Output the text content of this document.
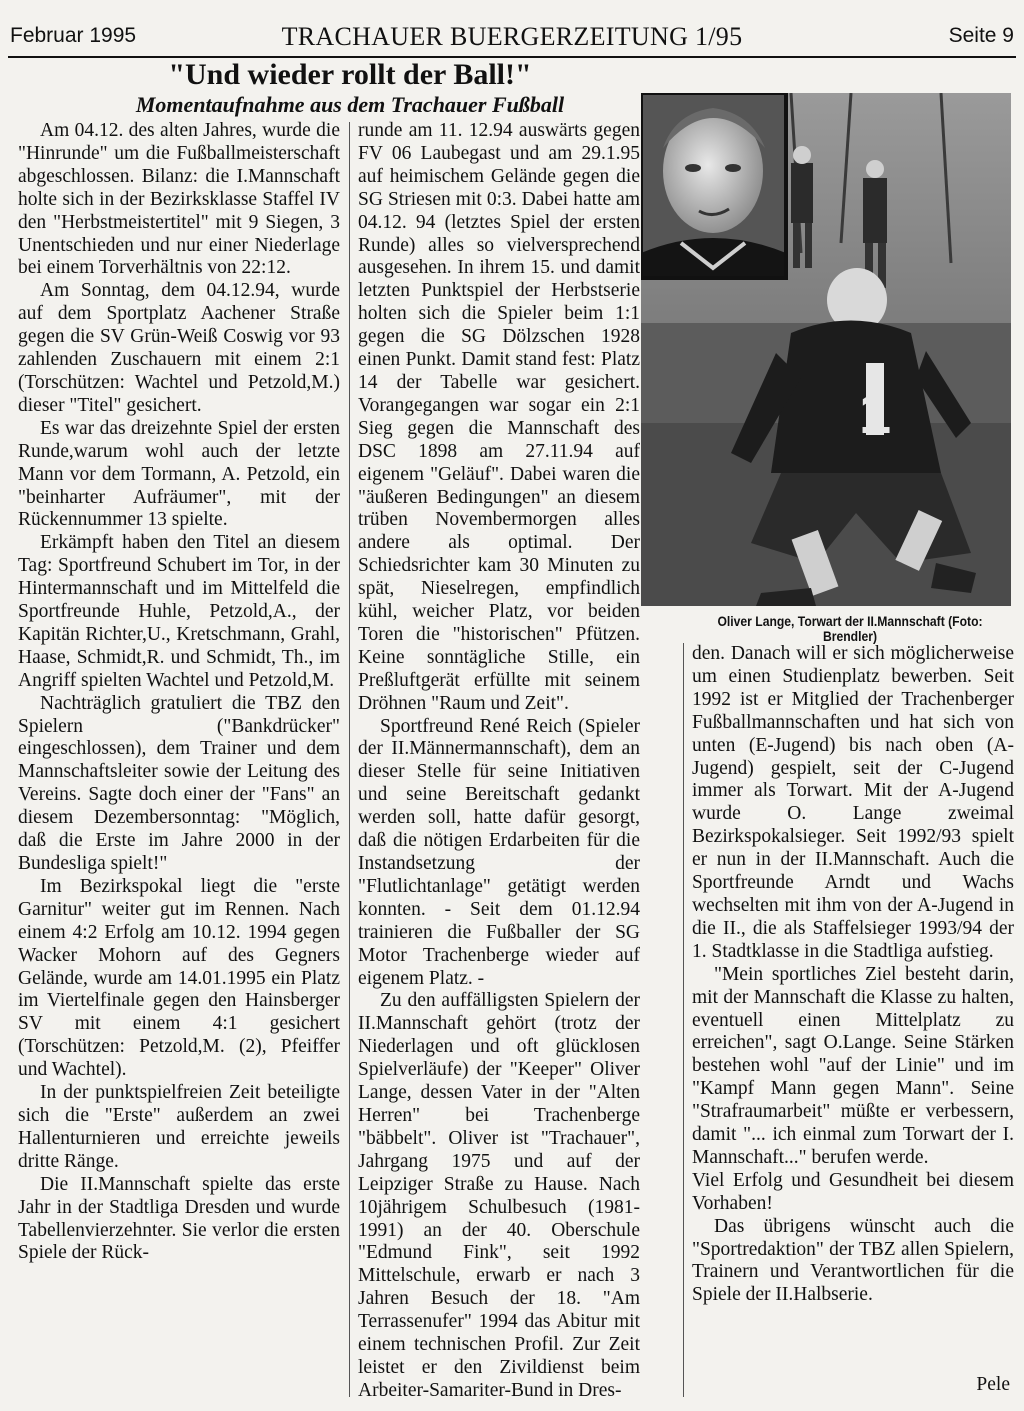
Februar 1995	TRACHAUER BUERGERZEITUNG 1/95	Seite 9
"Und wieder rollt der Ball!"
Momentaufnahme aus dem Trachauer Fußball

Am 04.12. des alten Jahres, wurde die "Hinrunde" um die Fußballmeisterschaft abgeschlossen. Bilanz: die I.Mannschaft holte sich in der Bezirksklasse Staffel IV den "Herbstmeistertitel" mit 9 Siegen, 3 Unentschieden und nur einer Niederlage bei einem Torverhältnis von 22:12.

Am Sonntag, dem 04.12.94, wurde auf dem Sportplatz Aachener Straße gegen die SV Grün-Weiß Coswig vor 93 zahlenden Zuschauern mit einem 2:1 (Torschützen: Wachtel und Petzold,M.) dieser "Titel" gesichert.

Es war das dreizehnte Spiel der ersten Runde,warum wohl auch der letzte Mann vor dem Tormann, A. Petzold, ein "beinharter Aufräumer", mit der Rückennummer 13 spielte.

Erkämpft haben den Titel an diesem Tag: Sportfreund Schubert im Tor, in der Hintermannschaft und im Mittelfeld die Sportfreunde Huhle, Petzold,A., der Kapitän Richter,U., Kretschmann, Grahl, Haase, Schmidt,R. und Schmidt, Th., im Angriff spielten Wachtel und Petzold,M.

Nachträglich gratuliert die TBZ den Spielern ("Bankdrücker" eingeschlossen), dem Trainer und dem Mannschaftsleiter sowie der Leitung des Vereins. Sagte doch einer der "Fans" an diesem Dezembersonntag: "Möglich, daß die Erste im Jahre 2000 in der Bundesliga spielt!"

Im Bezirkspokal liegt die "erste Garnitur" weiter gut im Rennen. Nach einem 4:2 Erfolg am 10.12. 1994 gegen Wacker Mohorn auf des Gegners Gelände, wurde am 14.01.1995 ein Platz im Viertelfinale gegen den Hainsberger SV mit einem 4:1 gesichert (Torschützen: Petzold,M. (2), Pfeiffer und Wachtel).

In der punktspielfreien Zeit beteiligte sich die "Erste" außerdem an zwei Hallenturnieren und erreichte jeweils dritte Ränge.

Die II.Mannschaft spielte das erste Jahr in der Stadtliga Dresden und wurde Tabellenvierzehnter. Sie verlor die ersten Spiele der Rück-

runde am 11. 12.94 auswärts gegen FV 06 Laubegast und am 29.1.95 auf heimischem Gelände gegen die SG Striesen mit 0:3. Dabei hatte am 04.12. 94 (letztes Spiel der ersten Runde) alles so vielversprechend ausgesehen. In ihrem 15. und damit letzten Punktspiel der Herbstserie holten sich die Spieler beim 1:1 gegen die SG Dölzschen 1928 einen Punkt. Damit stand fest: Platz 14 der Tabelle war gesichert. Vorangegangen war sogar ein 2:1 Sieg gegen die Mannschaft des DSC 1898 am 27.11.94 auf eigenem "Geläuf". Dabei waren die "äußeren Bedingungen" an diesem trüben Novembermorgen alles andere als optimal. Der Schiedsrichter kam 30 Minuten zu spät, Nieselregen, empfindlich kühl, weicher Platz, vor beiden Toren die "historischen" Pfützen. Keine sonntägliche Stille, ein Preßluftgerät erfüllte mit seinem Dröhnen "Raum und Zeit".

Sportfreund René Reich (Spieler der II.Männermannschaft), dem an dieser Stelle für seine Initiativen und seine Bereitschaft gedankt werden soll, hatte dafür gesorgt, daß die nötigen Erdarbeiten für die Instandsetzung der "Flutlichtanlage" getätigt werden konnten. - Seit dem 01.12.94 trainieren die Fußballer der SG Motor Trachenberge wieder auf eigenem Platz. -

Zu den auffälligsten Spielern der II.Mannschaft gehört (trotz der Niederlagen und oft glücklosen Spielverläufe) der "Keeper" Oliver Lange, dessen Vater in der "Alten Herren" bei Trachenberge "bäbbelt". Oliver ist "Trachauer", Jahrgang 1975 und auf der Leipziger Straße zu Hause. Nach 10jährigem Schulbesuch (1981-1991) an der 40. Oberschule "Edmund Fink", seit 1992 Mittelschule, erwarb er nach 3 Jahren Besuch der 18. "Am Terrassenufer" 1994 das Abitur mit einem technischen Profil. Zur Zeit leistet er den Zivildienst beim Arbeiter-Samariter-Bund in Dres-

1
Oliver Lange, Torwart der II.Mannschaft (Foto: Brendler)

den. Danach will er sich möglicherweise um einen Studienplatz bewerben. Seit 1992 ist er Mitglied der Trachenberger Fußballmannschaften und hat sich von unten (E-Jugend) bis nach oben (A-Jugend) gespielt, seit der C-Jugend immer als Torwart. Mit der A-Jugend wurde O. Lange zweimal Bezirkspokalsieger. Seit 1992/93 spielt er nun in der II.Mannschaft. Auch die Sportfreunde Arndt und Wachs wechselten mit ihm von der A-Jugend in die II., die als Staffelsieger 1993/94 der 1. Stadtklasse in die Stadtliga aufstieg.

"Mein sportliches Ziel besteht darin, mit der Mannschaft die Klasse zu halten, eventuell einen Mittelplatz zu erreichen", sagt O.Lange. Seine Stärken bestehen wohl "auf der Linie" und im "Kampf Mann gegen Mann". Seine "Strafraumarbeit" müßte er verbessern, damit "... ich einmal zum Torwart der I. Mannschaft..." berufen werde.

Viel Erfolg und Gesundheit bei diesem Vorhaben!

Das übrigens wünscht auch die "Sportredaktion" der TBZ allen Spielern, Trainern und Verantwortlichen für die Spiele der II.Halbserie.

Pele
